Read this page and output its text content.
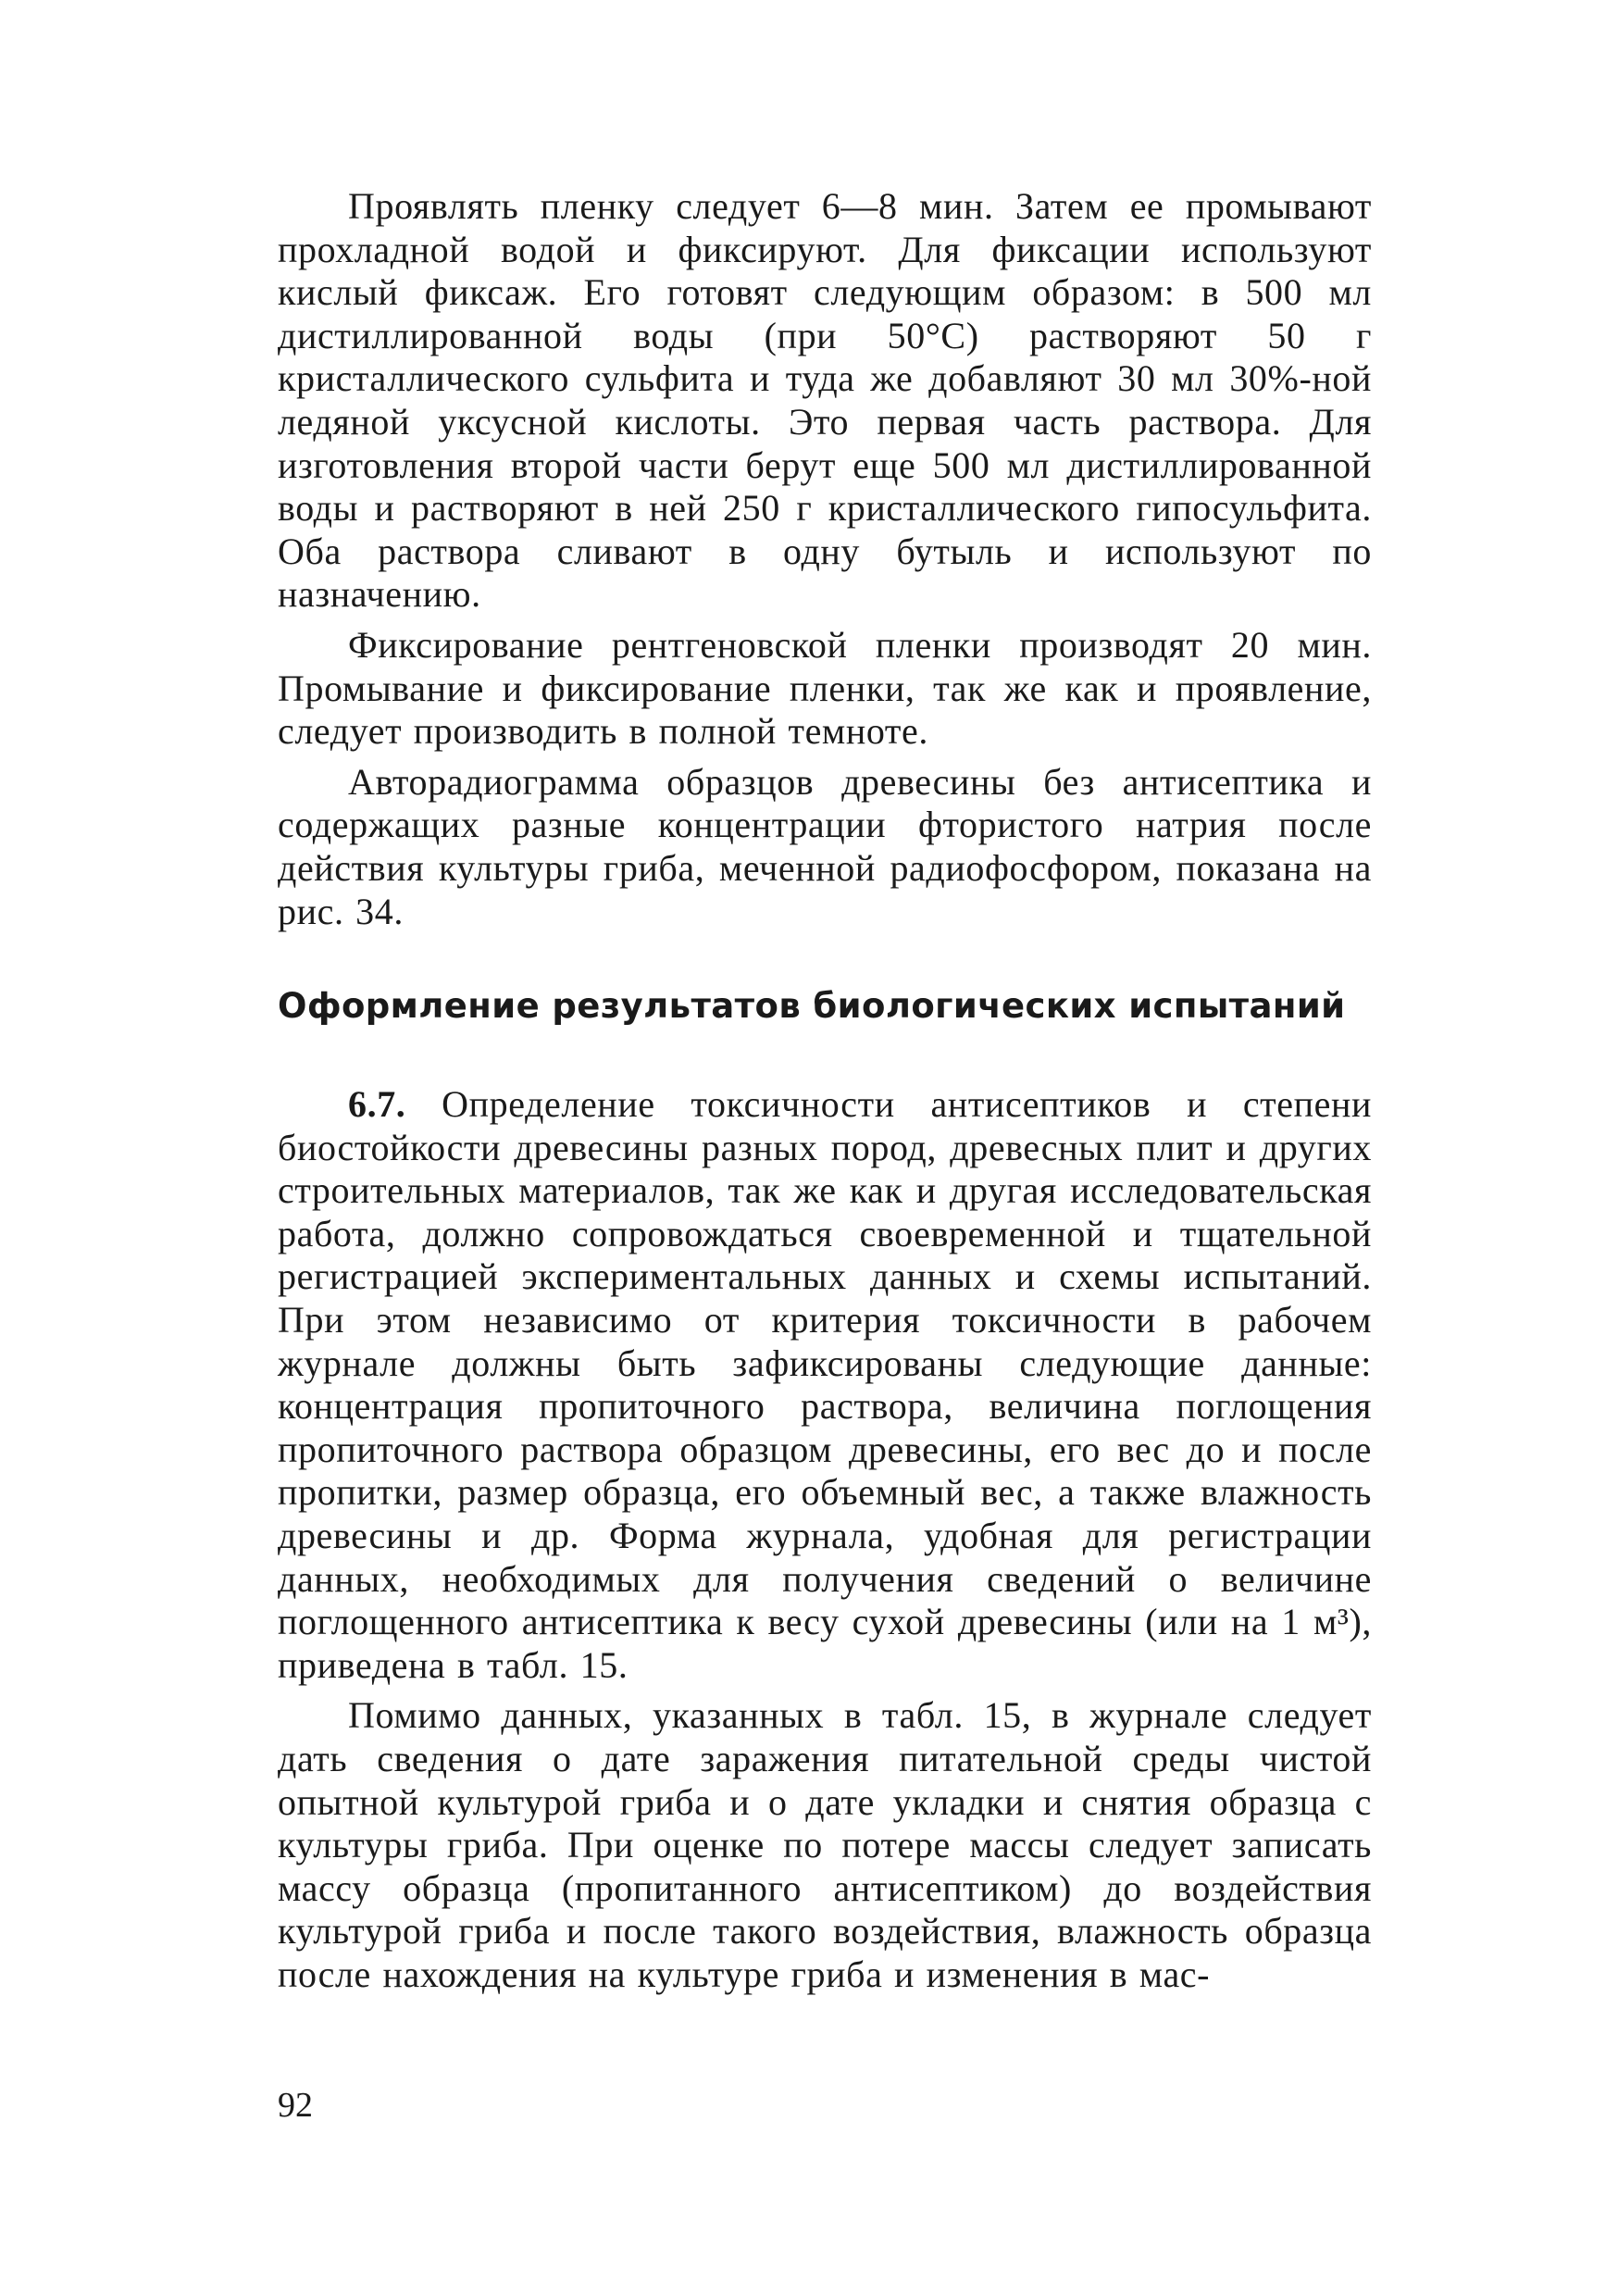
Проявлять пленку следует 6—8 мин. Затем ее промывают прохладной водой и фиксируют. Для фиксации используют кислый фиксаж. Его готовят следующим образом: в 500 мл дистиллированной воды (при 50°С) растворяют 50 г кристаллического сульфита и туда же добавляют 30 мл 30%-ной ледяной уксусной кислоты. Это первая часть раствора. Для изготовления второй части берут еще 500 мл дистиллированной воды и растворяют в ней 250 г кристаллического гипосульфита. Оба раствора сливают в одну бутыль и используют по назначению.

Фиксирование рентгеновской пленки производят 20 мин. Промывание и фиксирование пленки, так же как и проявление, следует производить в полной темноте.

Авторадиограмма образцов древесины без антисептика и содержащих разные концентрации фтористого натрия после действия культуры гриба, меченной радиофосфором, показана на рис. 34.

Оформление результатов биологических испытаний

6.7. Определение токсичности антисептиков и степени биостойкости древесины разных пород, древесных плит и других строительных материалов, так же как и другая исследовательская работа, должно сопровождаться своевременной и тщательной регистрацией экспериментальных данных и схемы испытаний. При этом независимо от критерия токсичности в рабочем журнале должны быть зафиксированы следующие данные: концентрация пропиточного раствора, величина поглощения пропиточного раствора образцом древесины, его вес до и после пропитки, размер образца, его объемный вес, а также влажность древесины и др. Форма журнала, удобная для регистрации данных, необходимых для получения сведений о величине поглощенного антисептика к весу сухой древесины (или на 1 м³), приведена в табл. 15.

Помимо данных, указанных в табл. 15, в журнале следует дать сведения о дате заражения питательной среды чистой опытной культурой гриба и о дате укладки и снятия образца с культуры гриба. При оценке по потере массы следует записать массу образца (пропитанного антисептиком) до воздействия культурой гриба и после такого воздействия, влажность образца после нахождения на культуре гриба и изменения в мас-

92
